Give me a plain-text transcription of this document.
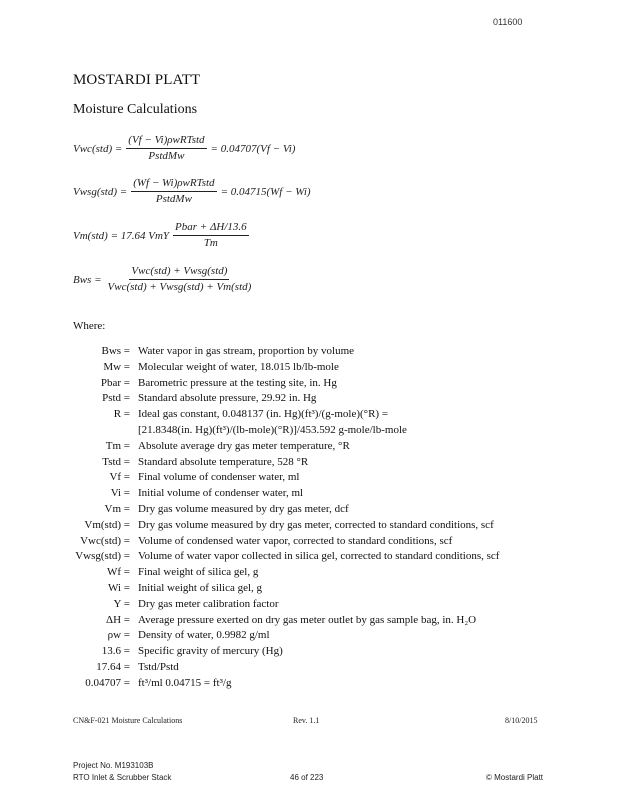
011600
MOSTARDI PLATT
Moisture Calculations
$Vwc(std) = \frac{\text{(Vf − Vi)ρwRTstd}}{\text{PstdMw}} = 0.04707(Vf - Vi)$
Vwsg(std) = $\frac{\text{(Wf − Wi)ρwRTstd}}{\text{PstdMw}} = 0.04715(Wf - Wi)$
Vm(std) = 17.64 VmY $\frac{\text{Pbar + ΔH/13.6}}{Tm}$
Bws = $\frac{\text{Vwc(std) + Vwsg(std)}}{\text{Vwc(std) + Vwsg(std) + Vm(std)}}$
Where:
Bws = Water vapor in gas stream, proportion by volume
Mw = Molecular weight of water, 18.015 lb/lb-mole
Pbar = Barometric pressure at the testing site, in. Hg
Pstd = Standard absolute pressure, 29.92 in. Hg
R = Ideal gas constant, 0.048137 (in. Hg)(ft³)/(g-mole)(°R) =
[21.8348(in. Hg)(ft³)/(lb-mole)(°R)]/453.592 g-mole/lb-mole
Tm = Absolute average dry gas meter temperature, °R
Tstd = Standard absolute temperature, 528 °R
Vf = Final volume of condenser water, ml
Vi = Initial volume of condenser water, ml
Vm = Dry gas volume measured by dry gas meter, dcf
Vm(std) = Dry gas volume measured by dry gas meter, corrected to standard conditions, scf
Vwc(std) = Volume of condensed water vapor, corrected to standard conditions, scf
Vwsg(std) = Volume of water vapor collected in silica gel, corrected to standard conditions, scf
Wf = Final weight of silica gel, g
Wi = Initial weight of silica gel, g
Y = Dry gas meter calibration factor
ΔH = Average pressure exerted on dry gas meter outlet by gas sample bag, in. H₂O
ρw = Density of water, 0.9982 g/ml
13.6 = Specific gravity of mercury (Hg)
17.64 = Tstd/Pstd
0.04707 = ft³/ml 0.04715 = ft³/g
CN&F-021 Moisture Calculations	Rev. 1.1	8/10/2015
Project No. M193103B
RTO Inlet & Scrubber Stack	46 of 223	© Mostardi Platt
